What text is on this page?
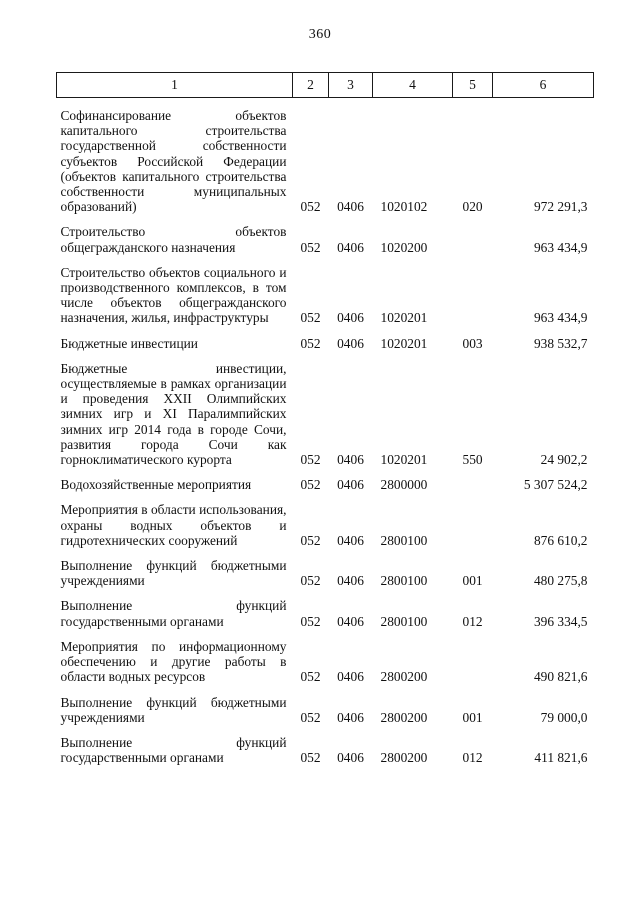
360
1	2	3	4	5	6

Софинансирование объектов капитального строительства государственной собственности субъектов Российской Федерации (объектов капитального строительства собственности муниципальных образований)	052	0406	1020102	020	972 291,3

Строительство объектов общегражданского назначения	052	0406	1020200		963 434,9

Строительство объектов социального и производственного комплексов, в том числе объектов общегражданского назначения, жилья, инфраструктуры	052	0406	1020201		963 434,9

Бюджетные инвестиции	052	0406	1020201	003	938 532,7

Бюджетные инвестиции, осуществляемые в рамках организации и проведения XXII Олимпийских зимних игр и XI Паралимпийских зимних игр 2014 года в городе Сочи, развития города Сочи как горноклиматического курорта	052	0406	1020201	550	24 902,2

Водохозяйственные мероприятия	052	0406	2800000		5 307 524,2

Мероприятия в области использования, охраны водных объектов и гидротехнических сооружений	052	0406	2800100		876 610,2

Выполнение функций бюджетными учреждениями	052	0406	2800100	001	480 275,8

Выполнение функций государственными органами	052	0406	2800100	012	396 334,5

Мероприятия по информационному обеспечению и другие работы в области водных ресурсов	052	0406	2800200		490 821,6

Выполнение функций бюджетными учреждениями	052	0406	2800200	001	79 000,0

Выполнение функций государственными органами	052	0406	2800200	012	411 821,6
